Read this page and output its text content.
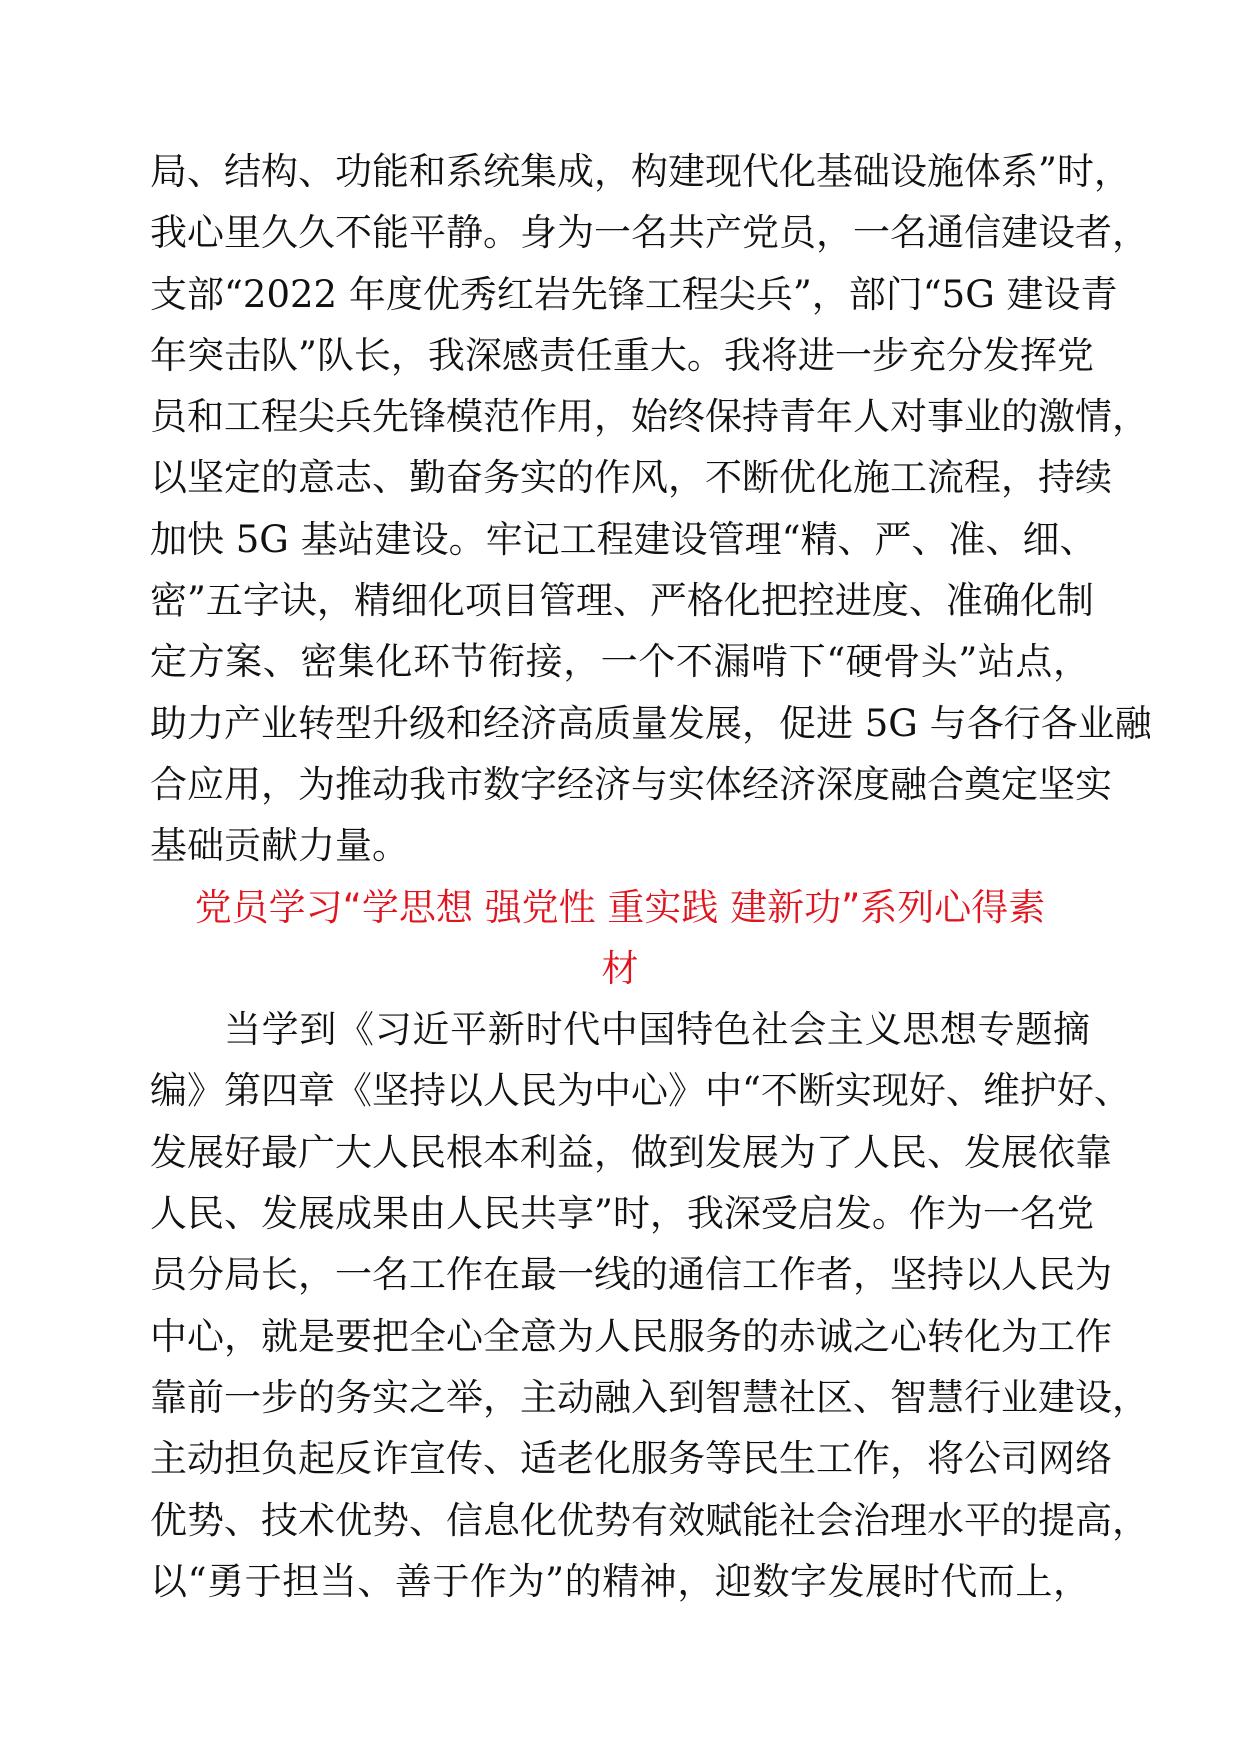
局、结构、功能和系统集成，构建现代化基础设施体系”时，
我心里久久不能平静。身为一名共产党员，一名通信建设者，
支部“2022 年度优秀红岩先锋工程尖兵”，部门“5G 建设青
年突击队”队长，我深感责任重大。我将进一步充分发挥党
员和工程尖兵先锋模范作用，始终保持青年人对事业的激情，
以坚定的意志、勤奋务实的作风，不断优化施工流程，持续
加快 5G 基站建设。牢记工程建设管理“精、严、准、细、
密”五字诀，精细化项目管理、严格化把控进度、准确化制
定方案、密集化环节衔接，一个不漏啃下“硬骨头”站点，
助力产业转型升级和经济高质量发展，促进 5G 与各行各业融
合应用，为推动我市数字经济与实体经济深度融合奠定坚实
基础贡献力量。
党员学习“学思想 强党性 重实践 建新功”系列心得素
材
当学到《习近平新时代中国特色社会主义思想专题摘
编》第四章《坚持以人民为中心》中“不断实现好、维护好、
发展好最广大人民根本利益，做到发展为了人民、发展依靠
人民、发展成果由人民共享”时，我深受启发。作为一名党
员分局长，一名工作在最一线的通信工作者，坚持以人民为
中心，就是要把全心全意为人民服务的赤诚之心转化为工作
靠前一步的务实之举，主动融入到智慧社区、智慧行业建设，
主动担负起反诈宣传、适老化服务等民生工作，将公司网络
优势、技术优势、信息化优势有效赋能社会治理水平的提高，
以“勇于担当、善于作为”的精神，迎数字发展时代而上，
